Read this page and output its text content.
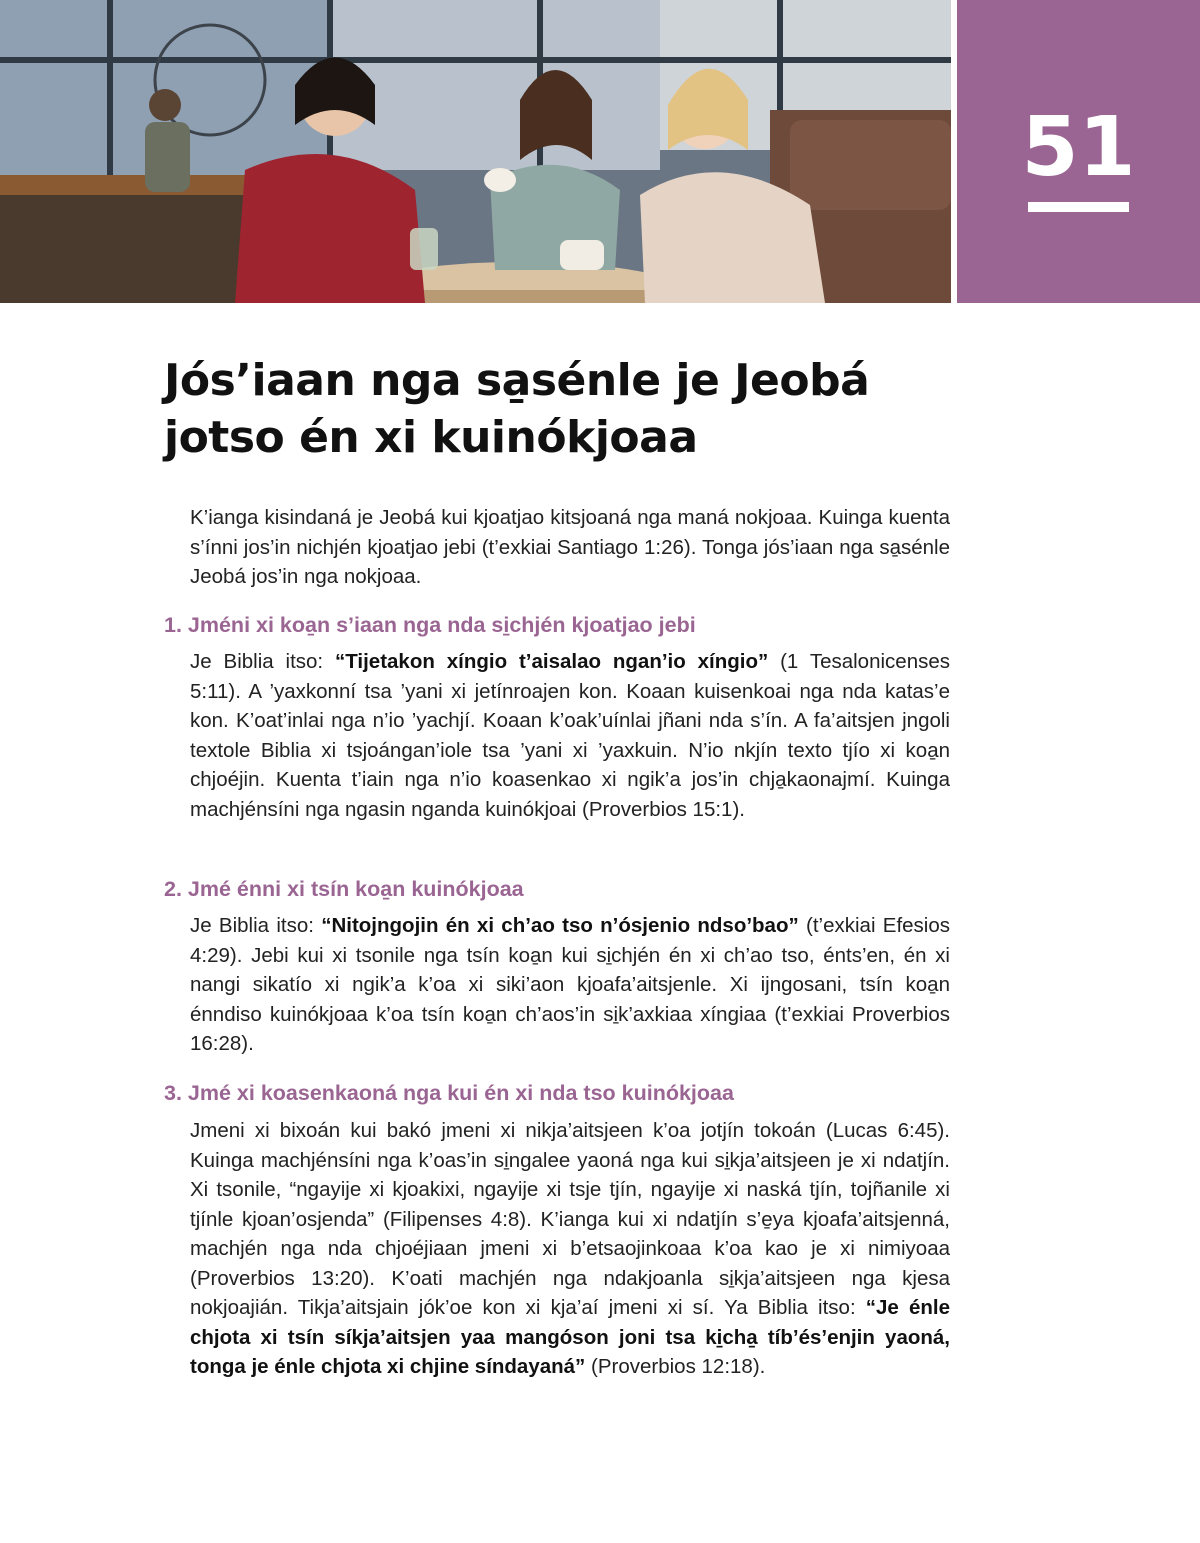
51
Jós’iaan nga sa̱sénle je Jeobá
jotso én xi kuinókjoaa

K’ianga kisindaná je Jeobá kui kjoatjao kitsjoaná nga maná nokjoaa. Kuinga kuenta s’ínni jos’in nichjén kjoatjao jebi (t’exkiai Santiago 1:26). Tonga jós’iaan nga sa̱sénle Jeobá jos’in nga nokjoaa.

1. Jméni xi koa̱n s’iaan nga nda si̱chjén kjoatjao jebi

Je Biblia itso: “Tijetakon xíngio t’aisalao ngan’io xíngio” (1 Tesalonicenses 5:11). A ’yaxkonní tsa ’yani xi jetínroajen kon. Koaan kuisenkoai nga nda katas’e kon. K’oat’inlai nga n’io ’yachjí. Koaan k’oak’uínlai jñani nda s’ín. A fa’aitsjen jngoli textole Biblia xi tsjoángan’iole tsa ’yani xi ’yaxkuin. N’io nkjín texto tjío xi koa̱n chjoéjin. Kuenta t’iain nga n’io koasenkao xi ngik’a jos’in chja̱kaonajmí. Kuinga machjénsíni nga ngasin nganda kuinókjoai (Proverbios 15:1).

2. Jmé énni xi tsín koa̱n kuinókjoaa

Je Biblia itso: “Nitojngojin én xi ch’ao tso n’ósjenio ndso’bao” (t’exkiai Efesios 4:29). Jebi kui xi tsonile nga tsín koa̱n kui si̱chjén én xi ch’ao tso, énts’en, én xi nangi sikatío xi ngik’a k’oa xi siki’aon kjoafa’aitsjenle. Xi ijngosani, tsín koa̱n énndiso kuinókjoaa k’oa tsín koa̱n ch’aos’in si̱k’axkiaa xíngiaa (t’exkiai Proverbios 16:28).

3. Jmé xi koasenkaoná nga kui én xi nda tso kuinókjoaa

Jmeni xi bixoán kui bakó jmeni xi nikja’aitsjeen k’oa jotjín tokoán (Lucas 6:45). Kuinga machjénsíni nga k’oas’in si̱ngalee yaoná nga kui si̱kja’aitsjeen je xi ndatjín. Xi tsonile, “ngayije xi kjoakixi, ngayije xi tsje tjín, ngayije xi naská tjín, tojñanile xi tjínle kjoan’osjenda” (Filipenses 4:8). K’ianga kui xi ndatjín s’e̱ya kjoafa’aitsjenná, machjén nga nda chjoéjiaan jmeni xi b’etsaojinkoaa k’oa kao je xi nimiyoaa (Proverbios 13:20). K’oati machjén nga ndakjoanla si̱kja’aitsjeen nga kjesa nokjoajián. Tikja’aitsjain jók’oe kon xi kja’aí jmeni xi sí. Ya Biblia itso: “Je énle chjota xi tsín síkja’aitsjen yaa mangóson joni tsa ki̱cha̱ tíb’és’enjin yaoná, tonga je énle chjota xi chjine síndayaná” (Proverbios 12:18).
